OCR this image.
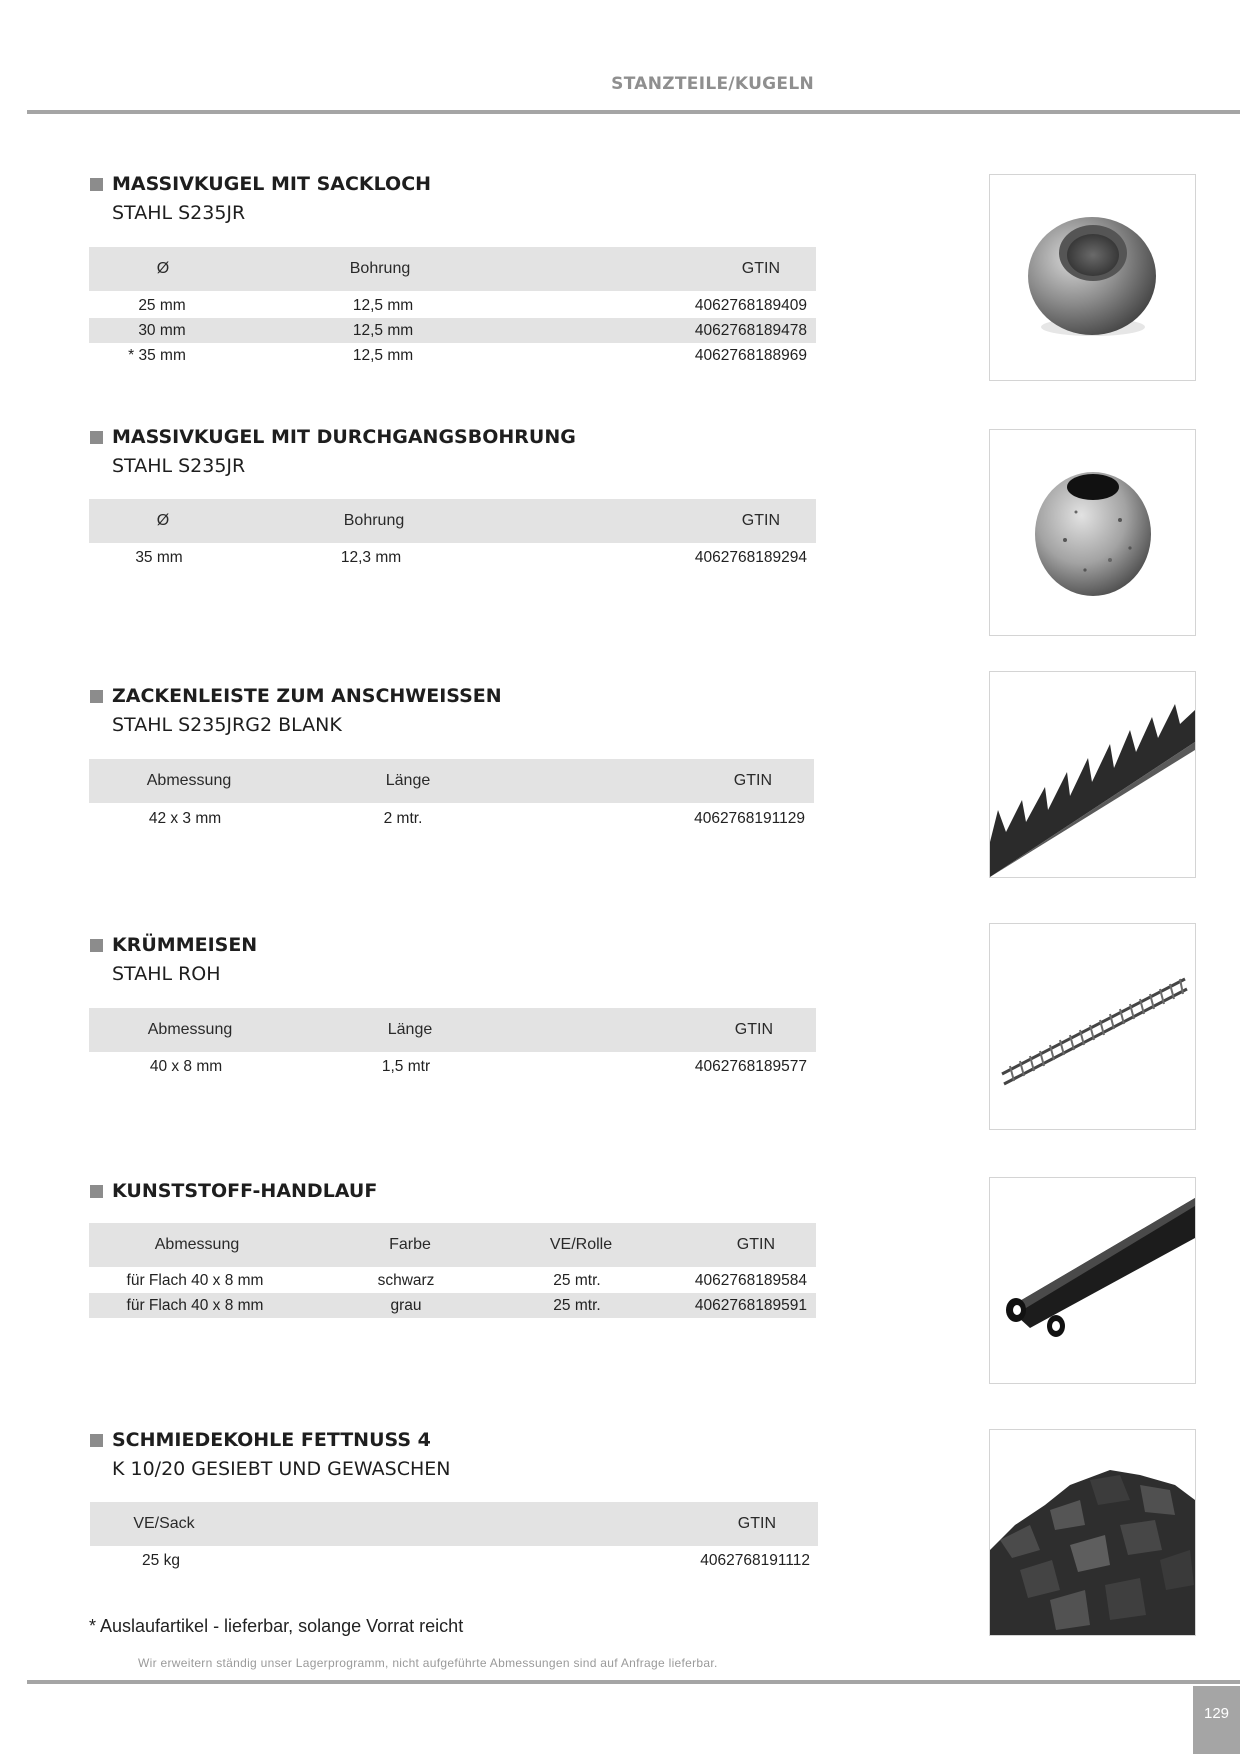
STANZTEILE/KUGELN
MASSIVKUGEL MIT SACKLOCH
STAHL S235JR
Ø	Bohrung	GTIN
25 mm	12,5 mm	4062768189409
30 mm	12,5 mm	4062768189478
* 35 mm	12,5 mm	4062768188969
MASSIVKUGEL MIT DURCHGANGSBOHRUNG
STAHL S235JR
Ø	Bohrung	GTIN
35 mm	12,3 mm	4062768189294
ZACKENLEISTE ZUM ANSCHWEISSEN
STAHL S235JRG2 BLANK
Abmessung	Länge	GTIN
42 x 3 mm	2 mtr.	4062768191129
KRÜMMEISEN
STAHL ROH
Abmessung	Länge	GTIN
40 x 8 mm	1,5 mtr	4062768189577
KUNSTSTOFF-HANDLAUF
Abmessung	Farbe	VE/Rolle	GTIN
für Flach 40 x 8 mm	schwarz	25 mtr.	4062768189584
für Flach 40 x 8 mm	grau	25 mtr.	4062768189591
SCHMIEDEKOHLE FETTNUSS 4
K 10/20 GESIEBT UND GEWASCHEN
VE/Sack	GTIN
25 kg	4062768191112
* Auslaufartikel - lieferbar, solange Vorrat reicht
Wir erweitern ständig unser Lagerprogramm, nicht aufgeführte Abmessungen sind auf Anfrage lieferbar.
129
